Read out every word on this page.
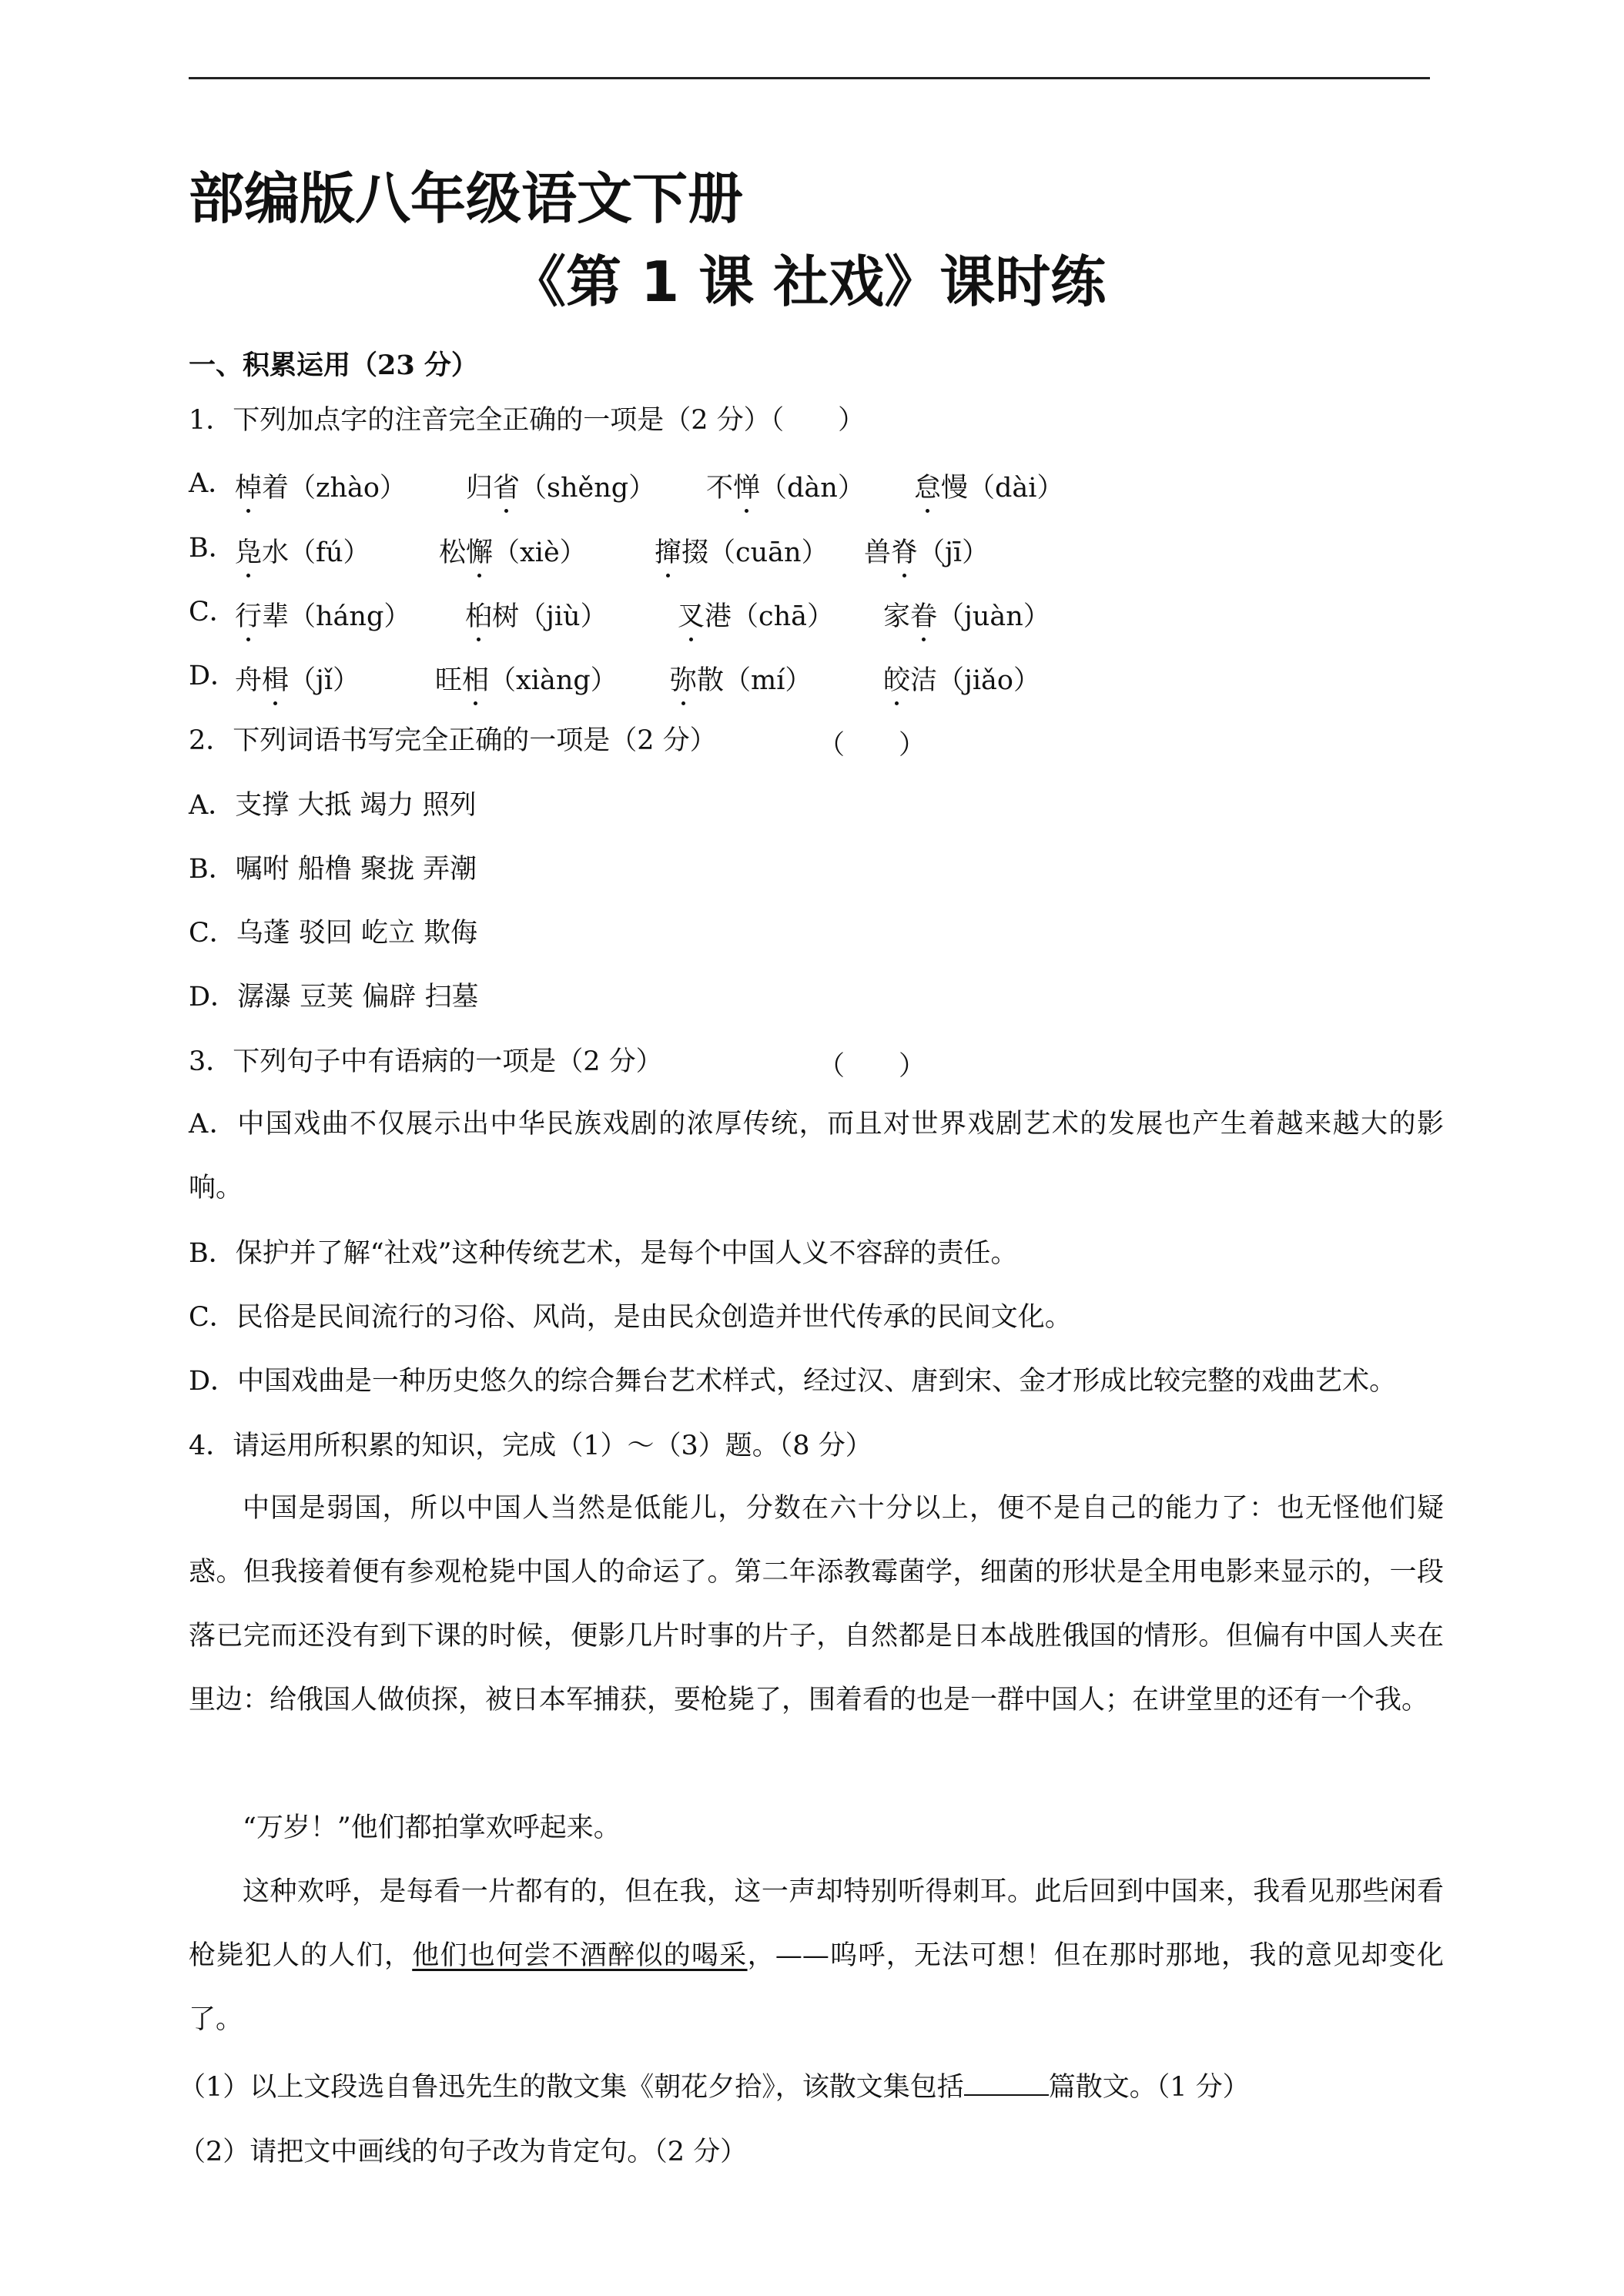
部编版八年级语文下册
《第 1 课 社戏》课时练
一、积累运用（23 分）
1．下列加点字的注音完全正确的一项是（2 分）（　　）
A． 棹着（zhào） 归省（shěng） 不惮（dàn） 怠慢（dài）
B． 凫水（fú）	松懈（xiè）	撺掇（cuān） 兽脊（jī）
C．
行辈（háng） 桕树（jiù）	叉港（chā） 家眷（juàn）
D．
舟楫（jǐ）	旺相（xiàng） 弥散（mí）	皎洁（jiǎo）
2．下列词语书写完全正确的一项是（2 分）	（　　）
A．支撑 大抵 竭力 照列
B．嘱咐 船橹 聚拢 弄潮
C．乌蓬 驳回 屹立 欺侮
D．潺瀑 豆荚 偏辟 扫墓
3．下列句子中有语病的一项是（2 分）	（　　）

A．中国戏曲不仅展示出中华民族戏剧的浓厚传统，而且对世界戏剧艺术的发展也产生着越来越大的影响。

B．保护并了解“社戏”这种传统艺术，是每个中国人义不容辞的责任。
C．民俗是民间流行的习俗、风尚，是由民众创造并世代传承的民间文化。
D．中国戏曲是一种历史悠久的综合舞台艺术样式，经过汉、唐到宋、金才形成比较完整的戏曲艺术。
4．请运用所积累的知识，完成（1）～（3）题。（8 分）

中国是弱国，所以中国人当然是低能儿，分数在六十分以上，便不是自己的能力了：也无怪他们疑惑。但我接着便有参观枪毙中国人的命运了。第二年添教霉菌学，细菌的形状是全用电影来显示的，一段落已完而还没有到下课的时候，便影几片时事的片子，自然都是日本战胜俄国的情形。但偏有中国人夹在里边：给俄国人做侦探，被日本军捕获，要枪毙了，围着看的也是一群中国人；在讲堂里的还有一个我。

“万岁！”他们都拍掌欢呼起来。

这种欢呼，是每看一片都有的，但在我，这一声却特别听得刺耳。此后回到中国来，我看见那些闲看枪毙犯人的人们，他们也何尝不酒醉似的喝采，——呜呼，无法可想！但在那时那地，我的意见却变化了。

（1）以上文段选自鲁迅先生的散文集《朝花夕拾》，该散文集包括	篇散文。（1 分）
（2）请把文中画线的句子改为肯定句。（2 分）
